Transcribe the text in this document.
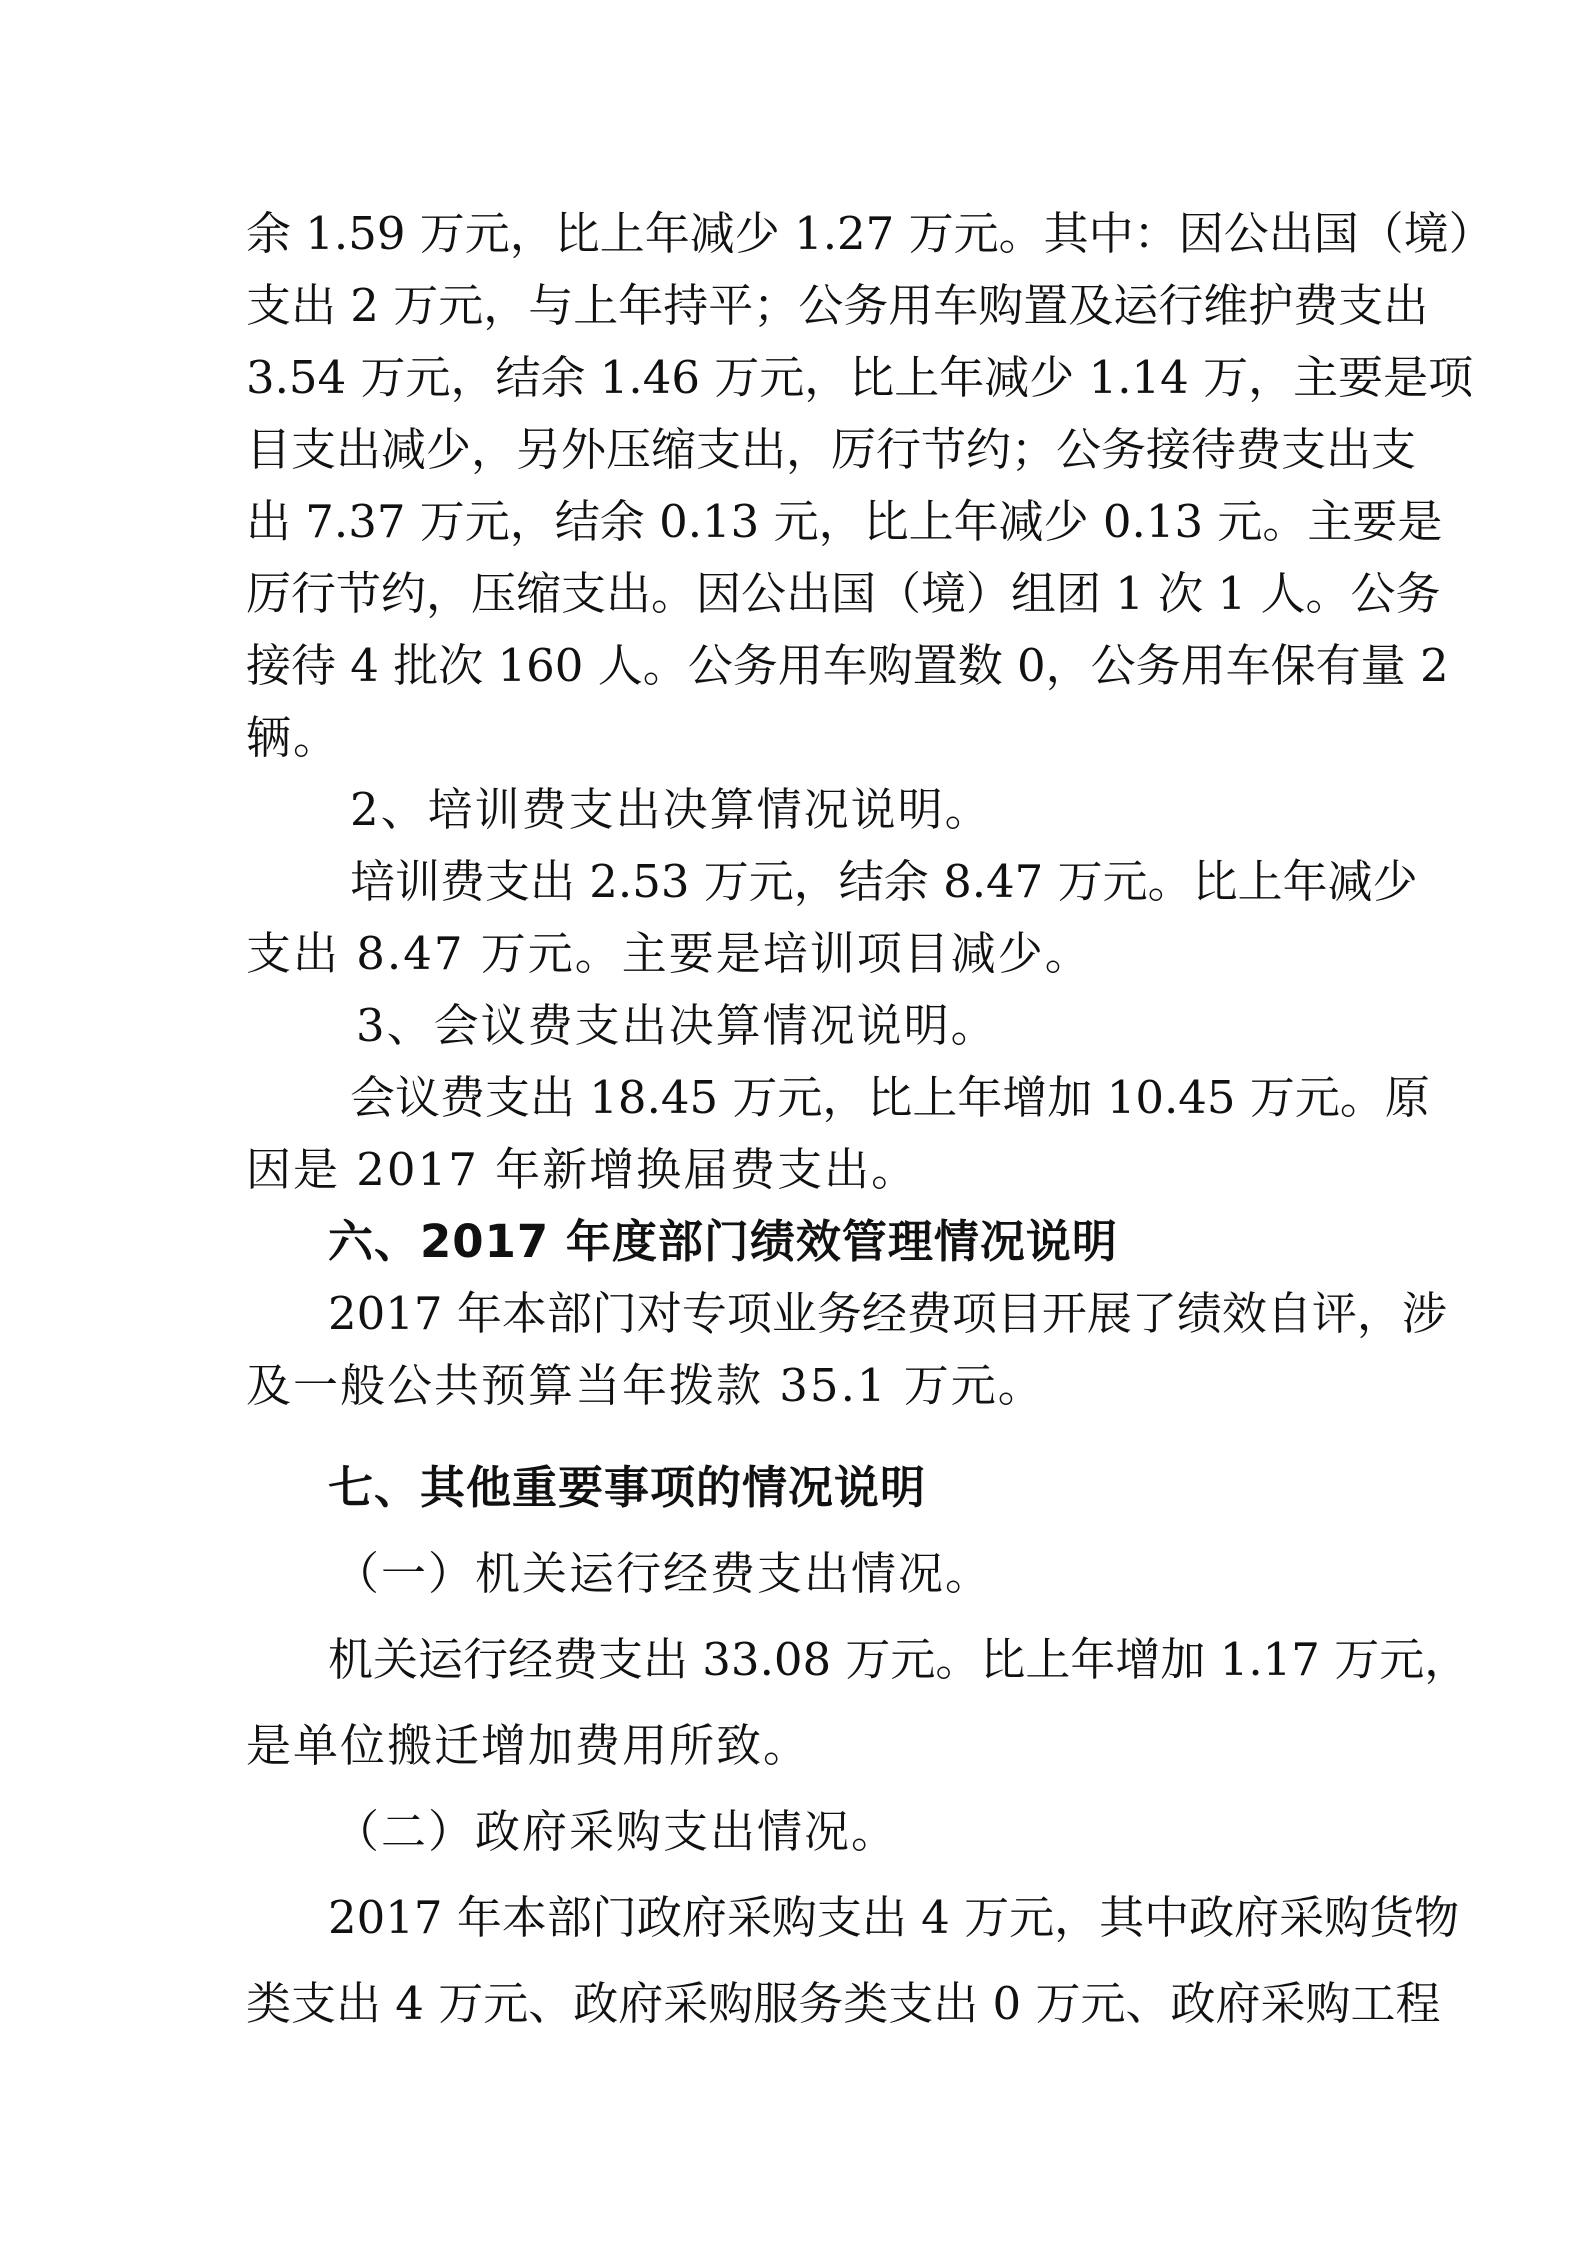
余 1.59 万元，比上年减少 1.27 万元。其中：因公出国（境）
支出 2 万元，与上年持平；公务用车购置及运行维护费支出
3.54 万元，结余 1.46 万元，比上年减少 1.14 万，主要是项
目支出减少，另外压缩支出，厉行节约；公务接待费支出支
出 7.37 万元，结余 0.13 元，比上年减少 0.13 元。主要是
厉行节约，压缩支出。因公出国（境）组团 1 次 1 人。公务
接待 4 批次 160 人。公务用车购置数 0，公务用车保有量 2
辆。
2、培训费支出决算情况说明。
培训费支出 2.53 万元，结余 8.47 万元。比上年减少
支出 8.47 万元。主要是培训项目减少。
3、会议费支出决算情况说明。
会议费支出 18.45 万元，比上年增加 10.45 万元。原
因是 2017 年新增换届费支出。
六、2017 年度部门绩效管理情况说明
2017 年本部门对专项业务经费项目开展了绩效自评，涉
及一般公共预算当年拨款 35.1 万元。
七、其他重要事项的情况说明
（一）机关运行经费支出情况。
机关运行经费支出 33.08 万元。比上年增加 1.17 万元，
是单位搬迁增加费用所致。
（二）政府采购支出情况。
2017 年本部门政府采购支出 4 万元，其中政府采购货物
类支出 4 万元、政府采购服务类支出 0 万元、政府采购工程
